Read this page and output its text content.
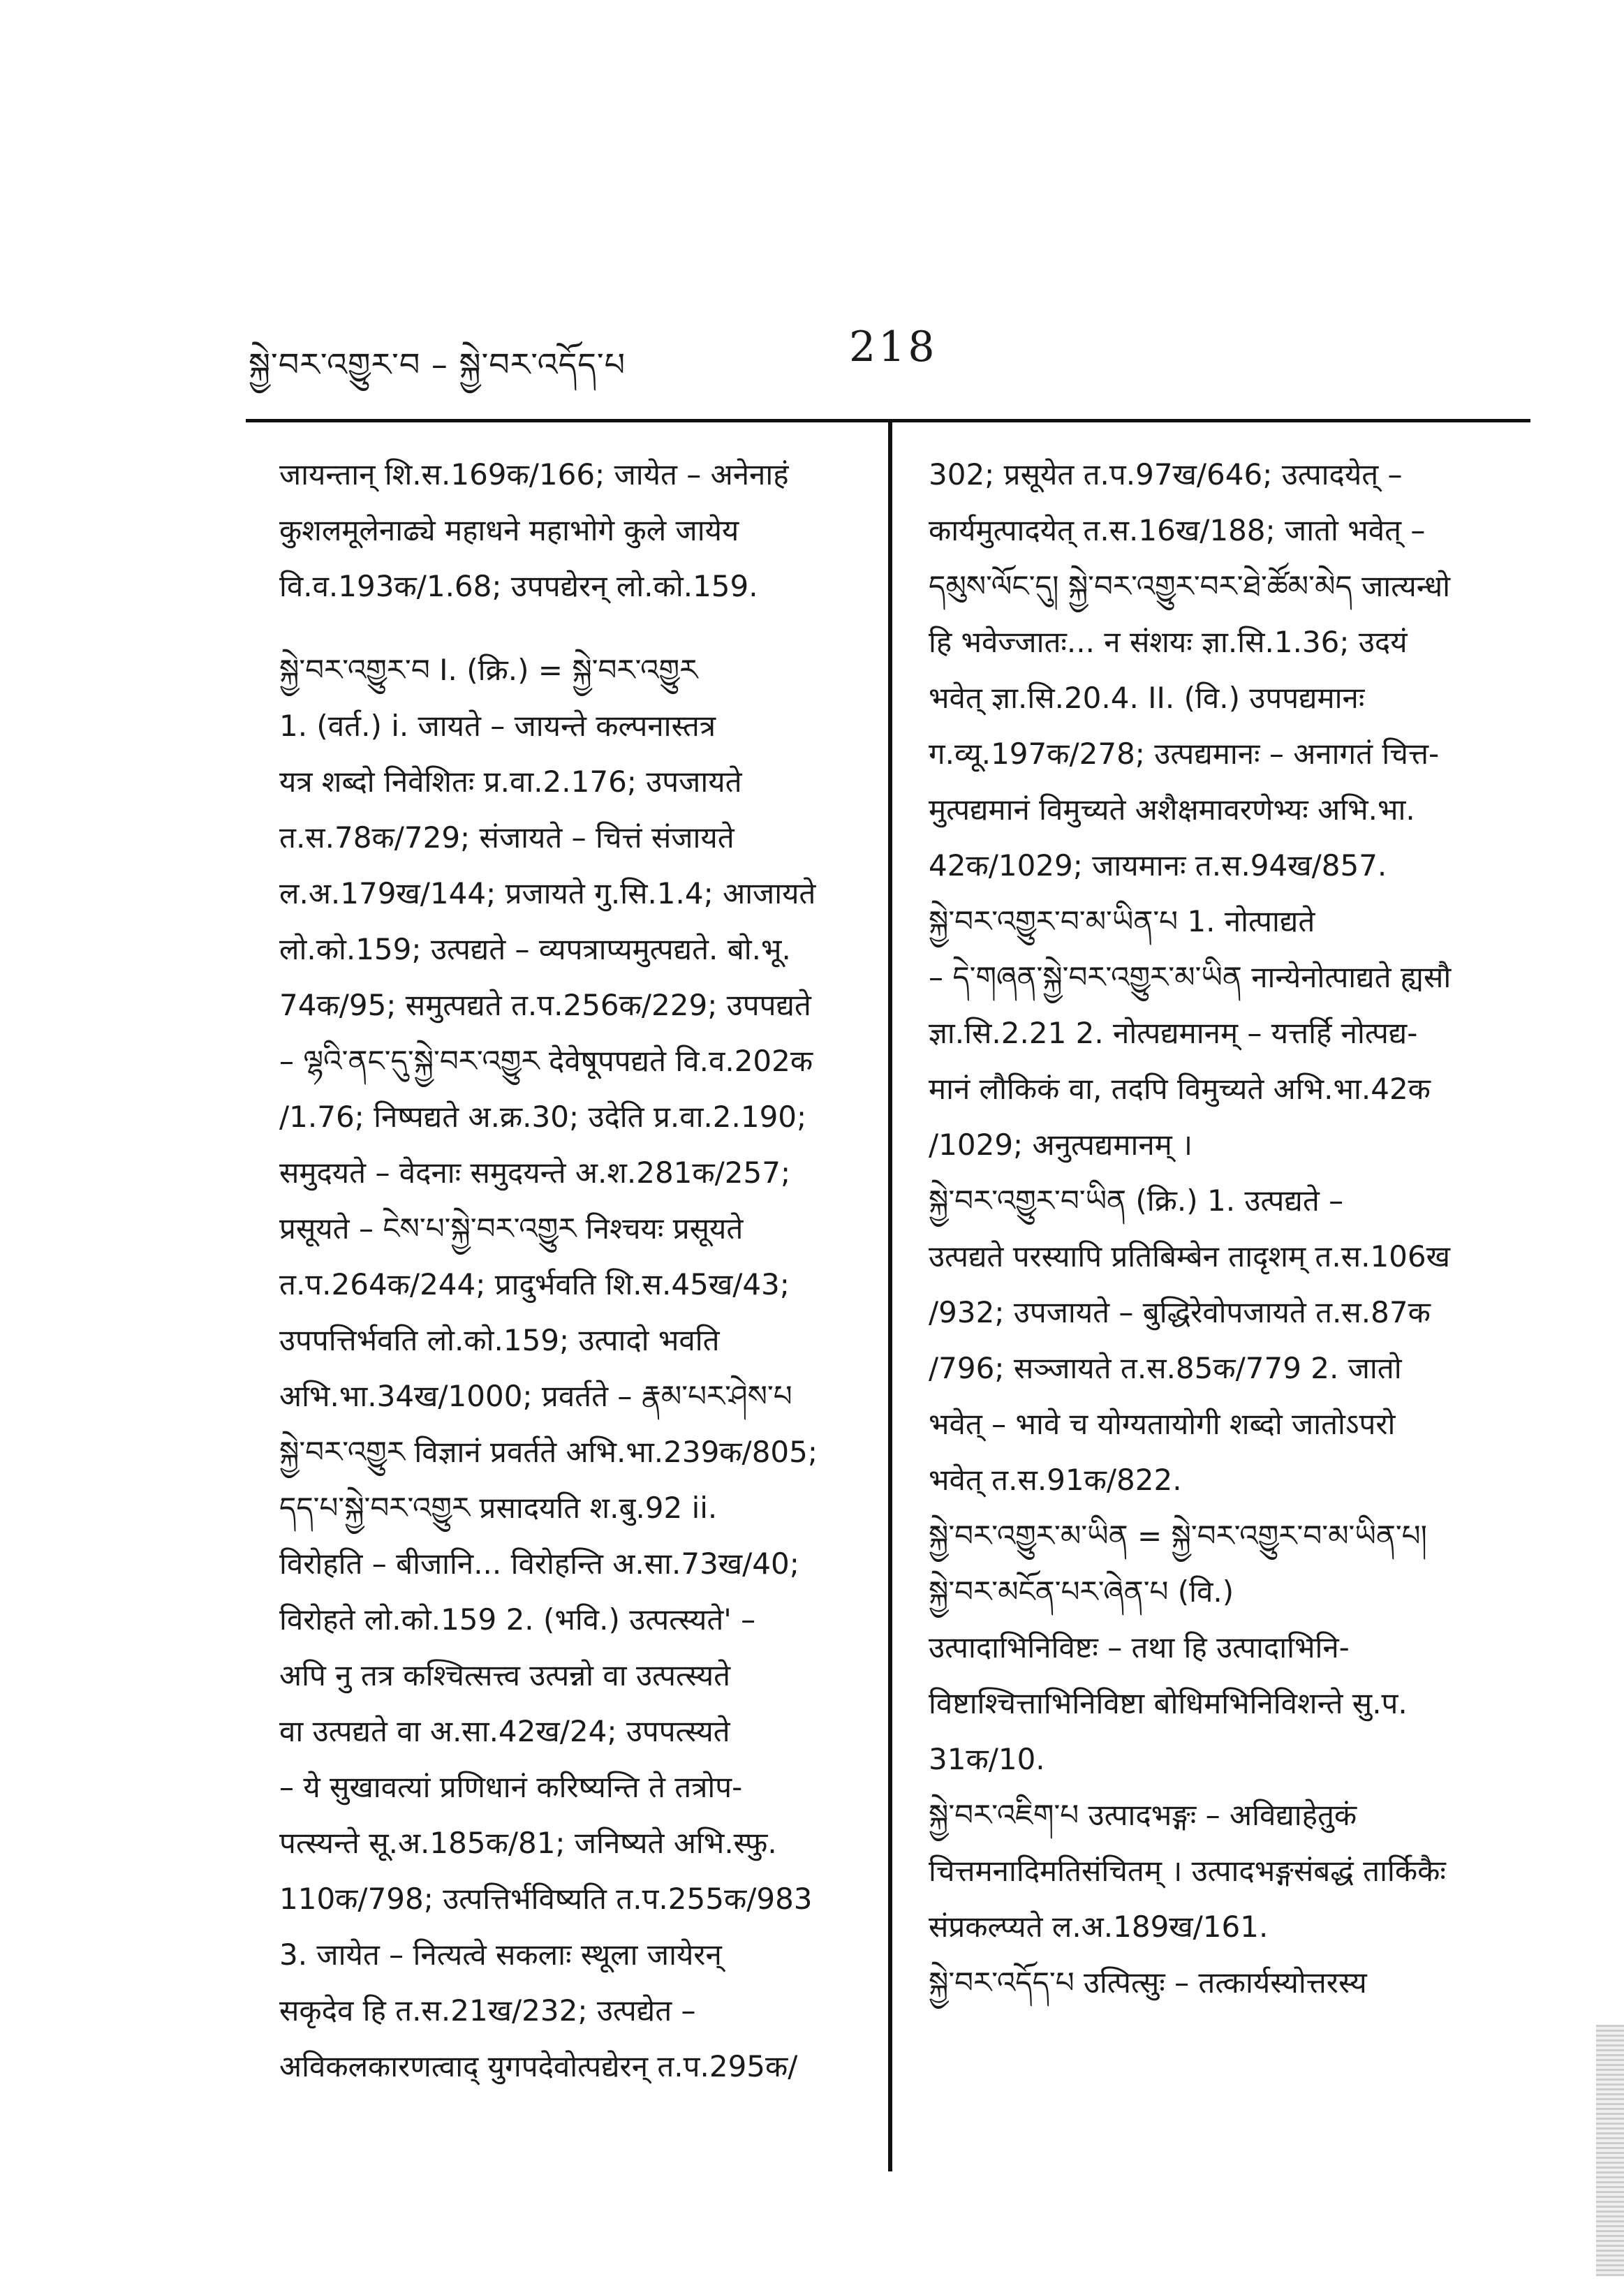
སྐྱེ་བར་འགྱུར་བ – སྐྱེ་བར་འདོད་པ	218
जायन्तान् शि.स.169क/166; जायेत – अनेनाहं
कुशलमूलेनाढ्ये महाधने महाभोगे कुले जायेय
वि.व.193क/1.68; उपपद्येरन् लो.को.159.
སྐྱེ་བར་འགྱུར་བ I. (क्रि.) = སྐྱེ་བར་འགྱུར
1. (वर्त.) i. जायते – जायन्ते कल्पनास्तत्र
यत्र शब्दो निवेशितः प्र.वा.2.176; उपजायते
त.स.78क/729; संजायते – चित्तं संजायते
ल.अ.179ख/144; प्रजायते गु.सि.1.4; आजायते
लो.को.159; उत्पद्यते – व्यपत्राप्यमुत्पद्यते. बो.भू.
74क/95; समुत्पद्यते त.प.256क/229; उपपद्यते
– ལྷའི་ནང་དུ་སྐྱེ་བར་འགྱུར देवेषूपपद्यते वि.व.202क
/1.76; निष्पद्यते अ.क्र.30; उदेति प्र.वा.2.190;
समुदयते – वेदनाः समुदयन्ते अ.श.281क/257;
प्रसूयते – ངེས་པ་སྐྱེ་བར་འགྱུར निश्चयः प्रसूयते
त.प.264क/244; प्रादुर्भवति शि.स.45ख/43;
उपपत्तिर्भवति लो.को.159; उत्पादो भवति
अभि.भा.34ख/1000; प्रवर्तते – རྣམ་པར་ཤེས་པ
སྐྱེ་བར་འགྱུར विज्ञानं प्रवर्तते अभि.भा.239क/805;
དད་པ་སྐྱེ་བར་འགྱུར प्रसादयति श.बु.92 ii.
विरोहति – बीजानि... विरोहन्ति अ.सा.73ख/40;
विरोहते लो.को.159 2. (भवि.) उत्पत्स्यते' –
अपि नु तत्र कश्चित्सत्त्व उत्पन्नो वा उत्पत्स्यते
वा उत्पद्यते वा अ.सा.42ख/24; उपपत्स्यते
– ये सुखावत्यां प्रणिधानं करिष्यन्ति ते तत्रोप-
पत्स्यन्ते सू.अ.185क/81; जनिष्यते अभि.स्फु.
110क/798; उत्पत्तिर्भविष्यति त.प.255क/983
3. जायेत – नित्यत्वे सकलाः स्थूला जायेरन्
सकृदेव हि त.स.21ख/232; उत्पद्येत –
अविकलकारणत्वाद् युगपदेवोत्पद्येरन् त.प.295क/
302; प्रसूयेत त.प.97ख/646; उत्पादयेत् –
कार्यमुत्पादयेत् त.स.16ख/188; जातो भवेत् –
དམུས་ལོང་དུ། སྐྱེ་བར་འགྱུར་བར་ཐེ་ཚོམ་མེད जात्यन्धो
हि भवेज्जातः... न संशयः ज्ञा.सि.1.36; उदयं
भवेत् ज्ञा.सि.20.4. II. (वि.) उपपद्यमानः
ग.व्यू.197क/278; उत्पद्यमानः – अनागतं चित्त-
मुत्पद्यमानं विमुच्यते अशैक्षमावरणेभ्यः अभि.भा.
42क/1029; जायमानः त.स.94ख/857.
སྐྱེ་བར་འགྱུར་བ་མ་ཡིན་པ 1. नोत्पाद्यते
– དེ་གཞན་སྐྱེ་བར་འགྱུར་མ་ཡིན नान्येनोत्पाद्यते ह्यसौ
ज्ञा.सि.2.21 2. नोत्पद्यमानम् – यत्तर्हि नोत्पद्य-
मानं लौकिकं वा, तदपि विमुच्यते अभि.भा.42क
/1029; अनुत्पद्यमानम् ।
སྐྱེ་བར་འགྱུར་བ་ཡིན (क्रि.) 1. उत्पद्यते –
उत्पद्यते परस्यापि प्रतिबिम्बेन तादृशम् त.स.106ख
/932; उपजायते – बुद्धिरेवोपजायते त.स.87क
/796; सञ्जायते त.स.85क/779 2. जातो
भवेत् – भावे च योग्यतायोगी शब्दो जातोऽपरो
भवेत् त.स.91क/822.
སྐྱེ་བར་འགྱུར་མ་ཡིན = སྐྱེ་བར་འགྱུར་བ་མ་ཡིན་པ།
སྐྱེ་བར་མངོན་པར་ཞེན་པ (वि.)
उत्पादाभिनिविष्टः – तथा हि उत्पादाभिनि-
विष्टाश्चित्ताभिनिविष्टा बोधिमभिनिविशन्ते सु.प.
31क/10.
སྐྱེ་བར་འཇིག་པ उत्पादभङ्गः – अविद्याहेतुकं
चित्तमनादिमतिसंचितम् । उत्पादभङ्गसंबद्धं तार्किकैः
संप्रकल्प्यते ल.अ.189ख/161.
སྐྱེ་བར་འདོད་པ उत्पित्सुः – तत्कार्यस्योत्तरस्य
